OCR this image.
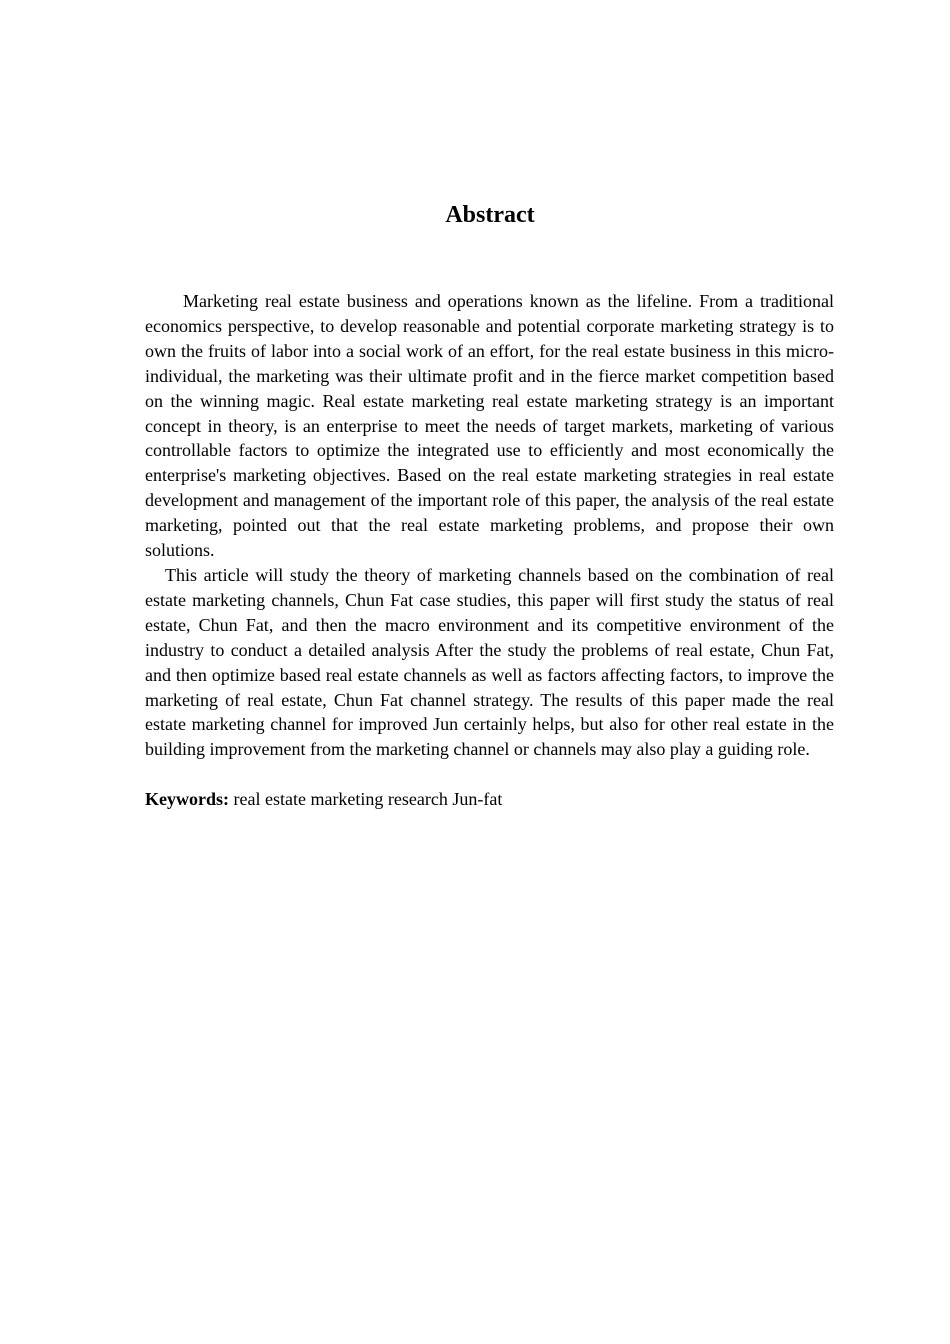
Abstract

Marketing real estate business and operations known as the lifeline. From a traditional economics perspective, to develop reasonable and potential corporate marketing strategy is to own the fruits of labor into a social work of an effort, for the real estate business in this micro-individual, the marketing was their ultimate profit and in the fierce market competition based on the winning magic. Real estate marketing real estate marketing strategy is an important concept in theory, is an enterprise to meet the needs of target markets, marketing of various controllable factors to optimize the integrated use to efficiently and most economically the enterprise's marketing objectives. Based on the real estate marketing strategies in real estate development and management of the important role of this paper, the analysis of the real estate marketing, pointed out that the real estate marketing problems, and propose their own solutions.

This article will study the theory of marketing channels based on the combination of real estate marketing channels, Chun Fat case studies, this paper will first study the status of real estate, Chun Fat, and then the macro environment and its competitive environment of the industry to conduct a detailed analysis After the study the problems of real estate, Chun Fat, and then optimize based real estate channels as well as factors affecting factors, to improve the marketing of real estate, Chun Fat channel strategy. The results of this paper made the real estate marketing channel for improved Jun certainly helps, but also for other real estate in the building improvement from the marketing channel or channels may also play a guiding role.

Keywords: real estate marketing research Jun-fat
